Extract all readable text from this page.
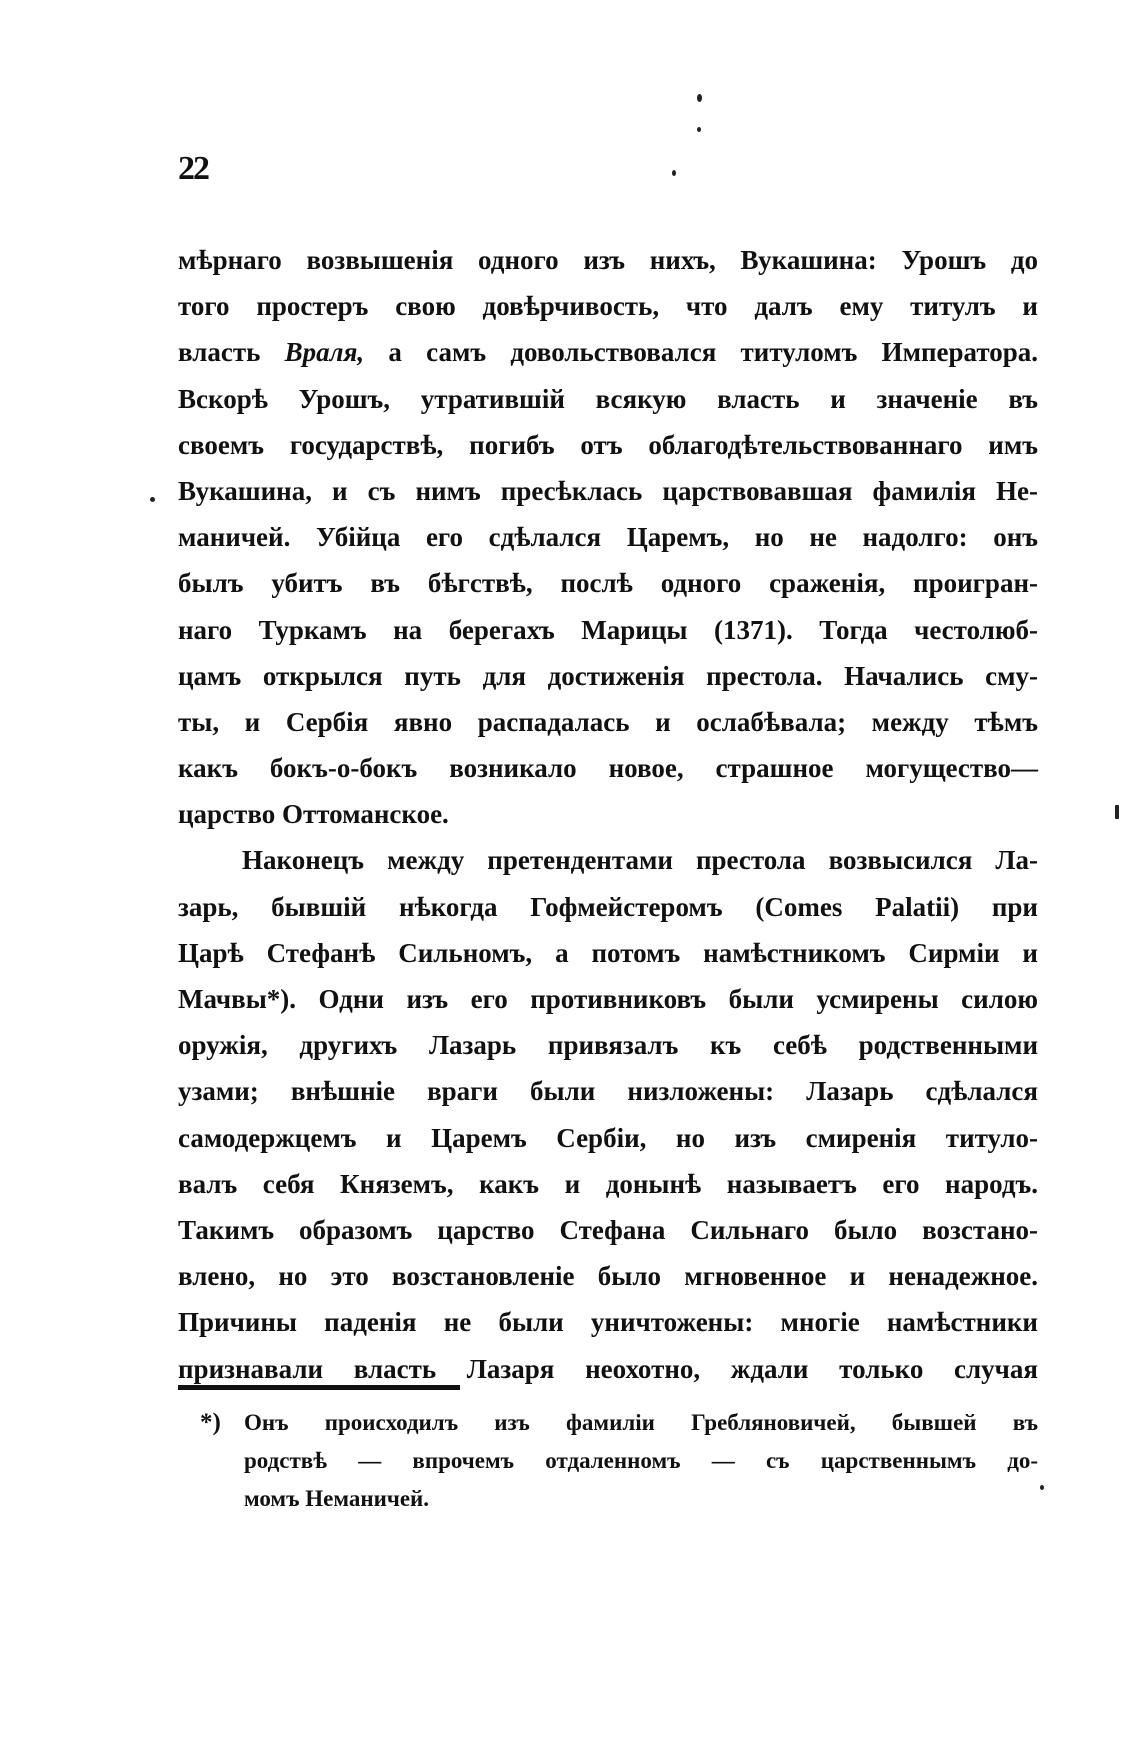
22
мѣрнаго возвышенія одного изъ нихъ, Вукашина: Урошъ до
того простеръ свою довѣрчивость, что далъ ему титулъ и
власть Враля, а самъ довольствовался титуломъ Императора.
Вскорѣ Урошъ, утратившій всякую власть и значеніе въ
своемъ государствѣ, погибъ отъ облагодѣтельствованнаго имъ
Вукашина, и съ нимъ пресѣклась царствовавшая фамилія Не-
маничей. Убійца его сдѣлался Царемъ, но не надолго: онъ
былъ убитъ въ бѣгствѣ, послѣ одного сраженія, проигран-
наго Туркамъ на берегахъ Марицы (1371). Тогда честолюб-
цамъ открылся путь для достиженія престола. Начались сму-
ты, и Сербія явно распадалась и ослабѣвала; между тѣмъ
какъ бокъ-о-бокъ возникало новое, страшное могущество—
царство Оттоманское.
Наконецъ между претендентами престола возвысился Ла-
зарь, бывшій нѣкогда Гофмейстеромъ (Comes Palatii) при
Царѣ Стефанѣ Сильномъ, а потомъ намѣстникомъ Сирміи и
Мачвы*). Одни изъ его противниковъ были усмирены силою
оружія, другихъ Лазарь привязалъ къ себѣ родственными
узами; внѣшніе враги были низложены: Лазарь сдѣлался
самодержцемъ и Царемъ Сербіи, но изъ смиренія титуло-
валъ себя Княземъ, какъ и донынѣ называетъ его народъ.
Такимъ образомъ царство Стефана Сильнаго было возстано-
влено, но это возстановленіе было мгновенное и ненадежное.
Причины паденія не были уничтожены: многіе намѣстники
признавали власть Лазаря неохотно, ждали только случая
*)	Онъ происходилъ изъ фамиліи Гребляновичей, бывшей въ
родствѣ — впрочемъ отдаленномъ — съ царственнымъ до-
момъ Неманичей.
